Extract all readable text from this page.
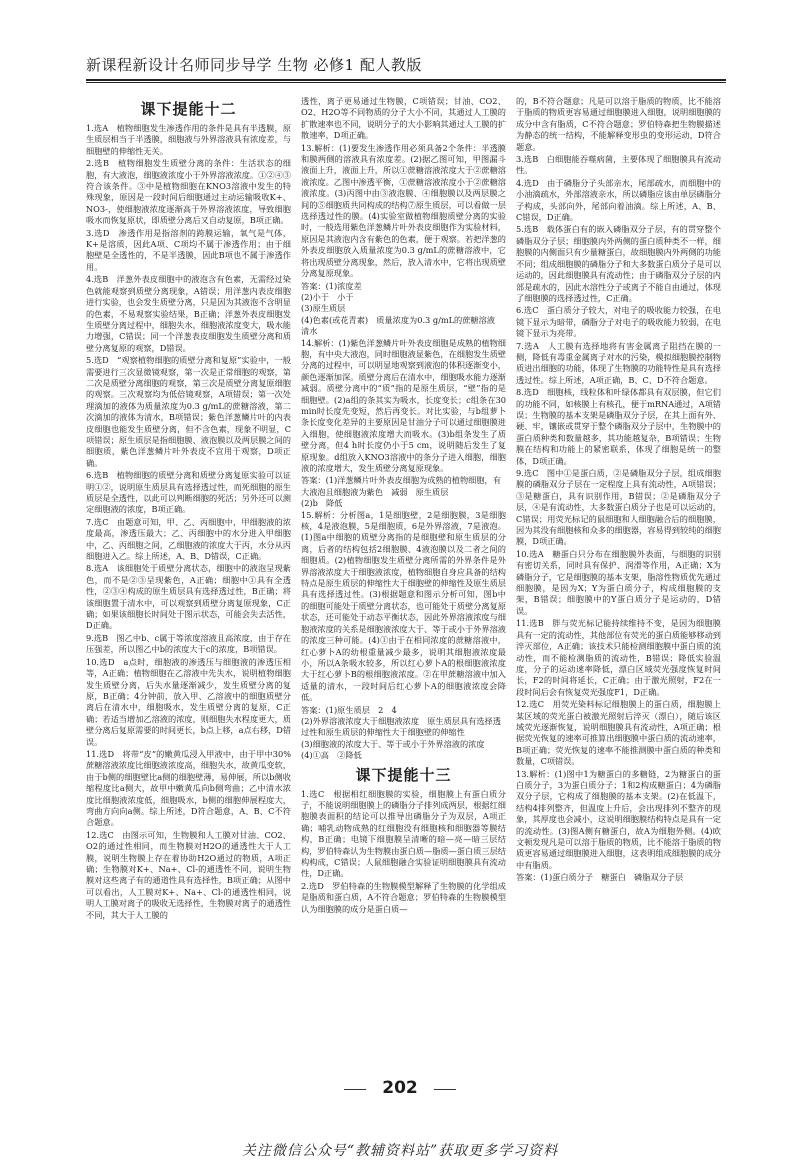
新课程新设计名师同步导学 生物 必修1 配人教版
课下提能十二
1.选A　植物细胞发生渗透作用的条件是具有半透膜，原生质层相当于半透膜，细胞液与外界溶液具有浓度差，与细胞壁的伸缩性无关。
2.选B　植物细胞发生质壁分离的条件：生活状态的细胞，有大液泡，细胞液浓度小于外界溶液浓度。①②④③符合该条件。③中是植物细胞在KNO3溶液中发生的特殊现象，原因是一段时间后细胞通过主动运输吸收K+、NO3-，使细胞液浓度逐渐高于外界溶液浓度，导致细胞吸水而恢复原状，即质壁分离后又自动复原，B项正确。
3.选D　渗透作用是指溶剂的跨膜运输，氧气是气体，K+是溶质，因此A项、C项均不属于渗透作用；由于细胞壁是全透性的，不是半透膜，因此B项也不属于渗透作用。
4.选B　洋葱外表皮细胞中的液泡含有色素，无需经过染色就能观察到质壁分离现象，A错误；用洋葱内表皮细胞进行实验，也会发生质壁分离，只是因为其液泡不含明显的色素，不易观察实验结果，B正确；洋葱外表皮细胞发生质壁分离过程中，细胞失水，细胞液浓度变大，吸水能力增强，C错误；同一个洋葱表皮细胞发生质壁分离和质壁分离复原的观察，D错误。
5.选D　“观察植物细胞的质壁分离和复原”实验中，一般需要进行三次显微镜观察，第一次是正常细胞的观察，第二次是质壁分离细胞的观察，第三次是质壁分离复原细胞的观察。三次观察均为低倍镜观察，A项错误；第一次处理滴加的液体为质量浓度为0.3 g/mL的蔗糖溶液，第二次滴加的液体为清水，B项错误；紫色洋葱鳞片叶的内表皮细胞也能发生质壁分离，但不含色素，现象不明显，C项错误；原生质层是指细胞膜、液泡膜以及两层膜之间的细胞质，紫色洋葱鳞片叶外表皮不宜用于观察，D项正确。
6.选B　植物细胞的质壁分离和质壁分离复原实验可以证明①②，说明原生质层具有选择透过性，而死细胞的原生质层是全透性，以此可以判断细胞的死活；另外还可以测定细胞液的浓度，B项正确。
7.选C　由题意可知，甲、乙、丙细胞中，甲细胞液的浓度最高，渗透压最大；乙、丙细胞中的水分进入甲细胞中，乙、丙细胞之间，乙细胞液的浓度大于丙，水分从丙细胞进入乙。综上所述，A、B、D错误，C正确。
8.选A　该细胞处于质壁分离状态，细胞中的液泡呈现紫色，而不是②③呈现紫色，A正确；细胞中①具有全透性，②③④构成的原生质层具有选择透过性，B正确；将该细胞置于清水中，可以观察到质壁分离复原现象，C正确；如果该细胞长时间处于图示状态，可能会失去活性，D正确。
9.选B　图乙中b、c属于等浓度溶液且高浓度，由于存在压强差，所以图乙中b的浓度大于c的浓度，B项错误。
10.选D　a点时，细胞液的渗透压与细胞液的渗透压相等，A正确；植物细胞在乙溶液中先失水，说明植物细胞发生质壁分离，后失水量逐渐减少，发生质壁分离的复原，B正确；4分钟前，放入甲、乙溶液中的细胞质壁分离后在清水中，细胞吸水，发生质壁分离的复原，C正确；若适当增加乙溶液的浓度，则细胞失水程度更大，质壁分离后复原需要的时间更长，b点上移，a点右移，D错误。
11.选D　将带“皮”的嫩黄瓜浸入甲液中，由于甲中30%蔗糖溶液浓度比细胞液浓度高，细胞失水，故黄瓜变软，由于b侧的细胞壁比a侧的细胞壁薄，易伸展，所以b侧收缩程度比a侧大，故甲中嫩黄瓜向b侧弯曲；乙中清水浓度比细胞液浓度低，细胞吸水，b侧的细胞伸展程度大，弯曲方向向a侧。综上所述，D符合题意，A、B、C不符合题意。
12.选C　由图示可知，生物膜和人工膜对甘油、CO2、O2的通过性相同，而生物膜对H2O的通透性大于人工膜，说明生物膜上存在着协助H2O通过的物质，A项正确；生物膜对K+、Na+、Cl-的通透性不同，说明生物膜对这些离子有的通道性具有选择性，B项正确；从图中可以看出，人工膜对K+、Na+、Cl-的通透性相同，说明人工膜对离子的吸收无选择性，生物膜对离子的通透性不同，其大于人工膜的
透性，离子更易通过生物膜，C项错误；甘油、CO2、O2、H2O等不同物质的分子大小不同，其通过人工膜的扩散速率也不同，说明分子的大小影响其通过人工膜的扩散速率，D项正确。
13.解析：(1)要发生渗透作用必须具备2个条件：半透膜和膜两侧的溶液具有浓度差。(2)据乙图可知，甲图漏斗液面上升，液面上升，所以①蔗糖溶液浓度大于②蔗糖溶液浓度。乙图中渗透平衡，①蔗糖溶液浓度小于②蔗糖溶液浓度。(3)丙图中由③液泡膜、④细胞膜以及两层膜之间的⑤细胞质共同构成的结构⑦原生质层，可以看做一层选择透过性的膜。(4)实验室做植物细胞质壁分离的实验时，一般选用紫色洋葱鳞片叶外表皮细胞作为实验材料，原因是其液泡内含有紫色的色素，便于观察。若把洋葱的外表皮细胞放入质量浓度为0.3 g/mL的蔗糖溶液中，它将出现质壁分离现象，然后，放入清水中，它将出现质壁分离复原现象。
答案：(1)浓度差
(2)小于　小于
(3)原生质层
(4)色素(或花青素)　质量浓度为0.3 g/mL的蔗糖溶液　清水
14.解析：(1)紫色洋葱鳞片叶外表皮细胞是成熟的植物细胞，有中央大液泡，同时细胞液显紫色，在细胞发生质壁分离的过程中，可以明显地观察到液泡的体积逐渐变小，颜色逐渐加深。质壁分离后在清水中，细胞吸水能力逐渐减弱。质壁分离中的“质”指的是原生质层，“壁”指的是细胞壁。(2)a组的条其实为吸水，长度变长；c组条在30 min时长度先变短，然后再变长。对比实验，与b组萝卜条长度变化差异的主要原因是甘油分子可以通过细胞膜进入细胞，使细胞液浓度增大而吸水。(3)b组条发生了质壁分离，但4 h时长度仍小于5 cm，说明随后发生了复原现象。d组放入KNO3溶液中的条分子进入细胞，细胞液的浓度增大，发生质壁分离复原现象。
答案：(1)洋葱鳞片叶外表皮细胞为成熟的植物细胞，有大液泡且细胞液为紫色　减弱　原生质层
(2)b　降低
15.解析：分析图a，1是细胞壁，2是细胞膜，3是细胞核，4是液泡膜，5是细胞质，6是外界溶液，7是液泡。(1)图a中细胞的质壁分离指的是细胞壁和原生质层的分离，后者的结构包括2细胞膜、4液泡膜以及二者之间的细胞质。(2)植物细胞发生质壁分离所需的外界条件是外界溶液浓度大于细胞液浓度，植物细胞自身应具备的结构特点是原生质层的伸缩性大于细胞壁的伸缩性及原生质层具有选择透过性。(3)根据题意和图示分析可知，图b中的细胞可能处于质壁分离状态，也可能处于质壁分离复原状态，还可能处于动态平衡状态，因此外界溶液浓度与细胞液浓度的关系是细胞液浓度大于、等于或小于外界溶液的浓度三种可能。(4)①由于在相同浓度的蔗糖溶液中，红心萝卜A的幼根重量减少最多，说明其细胞液浓度最小，所以A条吸水较多，所以红心萝卜A的根细胞液浓度大于红心萝卜B的根细胞液浓度。②在甲蔗糖溶液中加入适量的清水，一段时间后红心萝卜A的细胞液浓度会降低。
答案：(1)原生质层　2　4
(2)外界溶液浓度大于细胞液浓度　原生质层具有选择透过性和原生质层的伸缩性大于细胞壁的伸缩性
(3)细胞液的浓度大于、等于或小于外界溶液的浓度
(4)①高　②降低
课下提能十三
1.选C　根据相红细胞膜的实验，细胞膜上有蛋白质分子，不能说明细胞膜上的磷脂分子排列成两层，根据红细胞膜表面积的结论可以推导出磷脂分子为双层，A项正确；哺乳动物成熟的红细胞没有细胞核和细胞器等膜结构，B正确；电镜下细胞膜呈清晰的暗—亮—暗三层结构，罗伯特森认为生物膜由蛋白质—脂质—蛋白质三层结构构成，C错误；人鼠细胞融合实验证明细胞膜具有流动性，D正确。
2.选D　罗伯特森的生物膜模型解释了生物膜的化学组成是脂质和蛋白质，A不符合题意；罗伯特森的生物膜模型认为细胞膜的成分是蛋白质—
的，B不符合题意；凡是可以溶于脂质的物质，比不能溶于脂质的物质更容易通过细胞膜进入细胞，说明细胞膜的成分中含有脂质，C不符合题意；罗伯特森把生物膜描述为静态的统一结构，不能解释变形虫的变形运动，D符合题意。
3.选B　白细胞能吞噬病菌，主要体现了细胞膜具有流动性。
4.选D　由于磷脂分子头部亲水，尾部疏水，而细胞中的小油滴疏水，外部溶液亲水，所以磷脂应该由单层磷脂分子构成，头部向外，尾部向着油滴。综上所述，A、B、C错误，D正确。
5.选B　载体蛋白有的嵌入磷脂双分子层，有的贯穿整个磷脂双分子层；细胞膜内外两侧的蛋白质种类不一样，细胞膜的内侧面只有少量糖蛋白，故细胞膜内外两侧的功能不同；组成细胞膜的磷脂分子和大多数蛋白质分子是可以运动的，因此细胞膜具有流动性；由于磷脂双分子层的内部是疏水的，因此水溶性分子或离子不能自由通过，体现了细胞膜的选择透过性，C正确。
6.选C　蛋白质分子较大，对电子的吸收能力较强，在电镜下显示为暗带，磷脂分子对电子的吸收能力较弱，在电镜下显示为亮带。
7.选A　人工膜有选择地将有害金属离子阻挡在膜的一侧，降低有毒重金属离子对水的污染，模拟细胞膜控制物质进出细胞的功能，体现了生物膜的功能特性是具有选择透过性。综上所述，A项正确，B、C、D不符合题意。
8.选D　细胞核，线粒体和叶绿体都具有双层膜，但它们的功能不同，如核膜上有核孔，便于mRNA通过，A项错误；生物膜的基本支架是磷脂双分子层，在其上面有外、硬、牢，镶嵌或贯穿于整个磷脂双分子层中，生物膜中的蛋白质种类和数量越多，其功能越复杂，B项错误；生物膜在结构和功能上的紧密联系，体现了细胞是统一的整体，D项正确。
9.选C　图中①是蛋白质，②是磷脂双分子层，组成细胞膜的磷脂双分子层在一定程度上具有流动性，A项错误；③是糖蛋白，具有识别作用，B错误；②是磷脂双分子层，④是有流动性，大多数蛋白质分子也是可以运动的，C错误；用荧光标记的鼠细胞和人细胞融合后的细胞膜，因为其没有细胞核和众多的细胞器，容易得到较纯的细胞膜，D项正确。
10.选A　糖蛋白只分布在细胞膜外表面，与细胞的识别有密切关系，同时具有保护、润滑等作用，A正确；X为磷脂分子，它是细胞膜的基本支架，脂溶性物质优先通过细胞膜，是因为X；Y为蛋白质分子，构成细胞膜的支架，B错误；细胞膜中的Y蛋白质分子是运动的，D错误。
11.选B　胖与荧光标记能持续维持不变，是因为细胞膜具有一定的流动性，其他部位有荧光的蛋白质能够移动到淬灭部位，A正确；该技术只能检测细胞膜中蛋白质的流动性，而不能检测脂质的流动性，B错误；降低实验温度，分子的运动速率降低，漂白区域荧光强度恢复时间长，F2的时间将延长，C正确；由于激光照射，F2在一段时间后会有恢复荧光强度F1，D正确。
12.选C　用荧光染料标记细胞膜上的蛋白质，细胞膜上某区域的荧光蛋白被激光照射后淬灭（漂白），随后该区域荧光逐渐恢复，说明细胞膜具有流动性，A项正确；根据荧光恢复的速率可推算出细胞膜中蛋白质的流动速率，B项正确；荧光恢复的速率不能推测膜中蛋白质的种类和数量，C项错误。
13.解析：(1)图中1为糖蛋白的多糖链，2为糖蛋白的蛋白质分子，3为蛋白质分子；1和2构成糖蛋白；4为磷脂双分子层，它构成了细胞膜的基本支架。(2)在低温下，结构4排列整齐，但温度上升后，会出现排列不整齐的现象，其厚度也会减小，这说明细胞膜结构特点是具有一定的流动性。(3)图A侧有糖蛋白，故A为细胞外侧。(4)欧文顿发现凡是可以溶于脂质的物质，比不能溶于脂质的物质更容易通过细胞膜进入细胞，这表明组成细胞膜的成分中有脂质。
答案：(1)蛋白质分子　糖蛋白　磷脂双分子层
202
关注微信公众号“教辅资料站”获取更多学习资料
